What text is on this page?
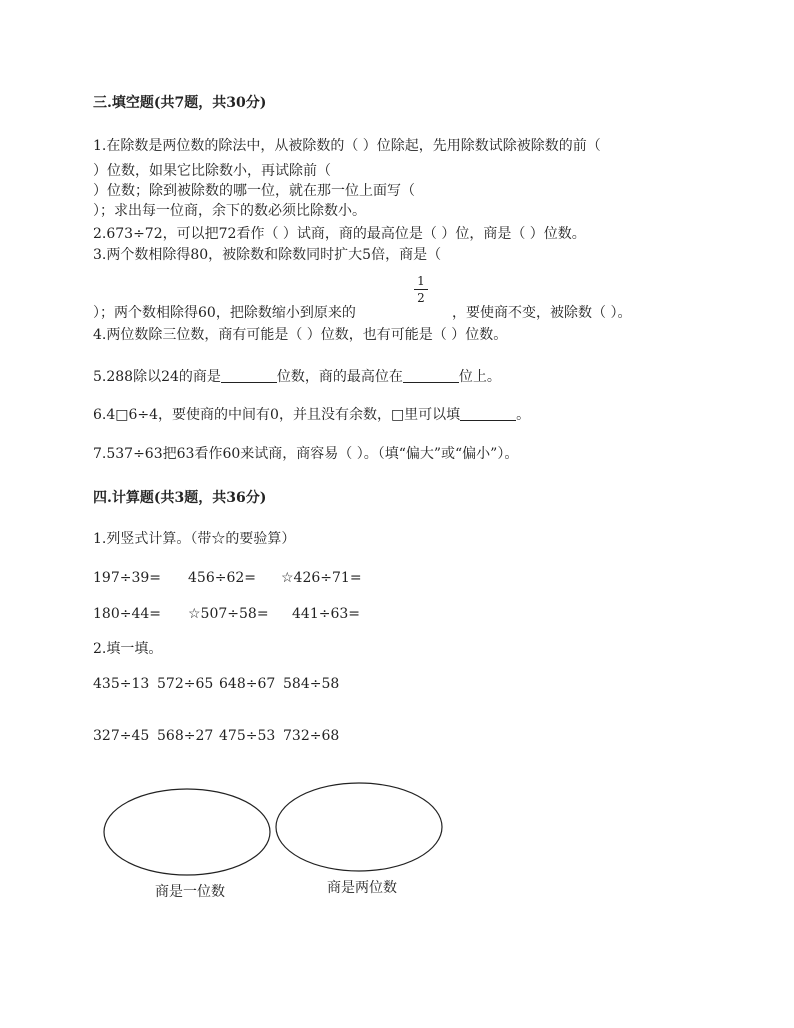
三.填空题(共7题，共30分)
1.在除数是两位数的除法中，从被除数的（ ）位除起，先用除数试除被除数的前（
）位数，如果它比除数小，再试除前（
）位数；除到被除数的哪一位，就在那一位上面写（
）；求出每一位商，余下的数必须比除数小。
2.673÷72，可以把72看作（ ）试商，商的最高位是（ ）位，商是（ ）位数。
3.两个数相除得80，被除数和除数同时扩大5倍，商是（
1
2
）；两个数相除得60，把除数缩小到原来的	，要使商不变，被除数（ ）。
4.两位数除三位数，商有可能是（ ）位数，也有可能是（ ）位数。
5.288除以24的商是	位数，商的最高位在	位上。
6.4□6÷4，要使商的中间有0，并且没有余数，□里可以填	。
7.537÷63把63看作60来试商，商容易（ ）。（填“偏大”或“偏小”）。
四.计算题(共3题，共36分)
1.列竖式计算。（带☆的要验算）
197÷39= 456÷62= ☆426÷71=
180÷44= ☆507÷58= 441÷63=
2.填一填。
435÷13 572÷65 648÷67 584÷58
327÷45 568÷27 475÷53 732÷68
商是一位数	商是两位数
